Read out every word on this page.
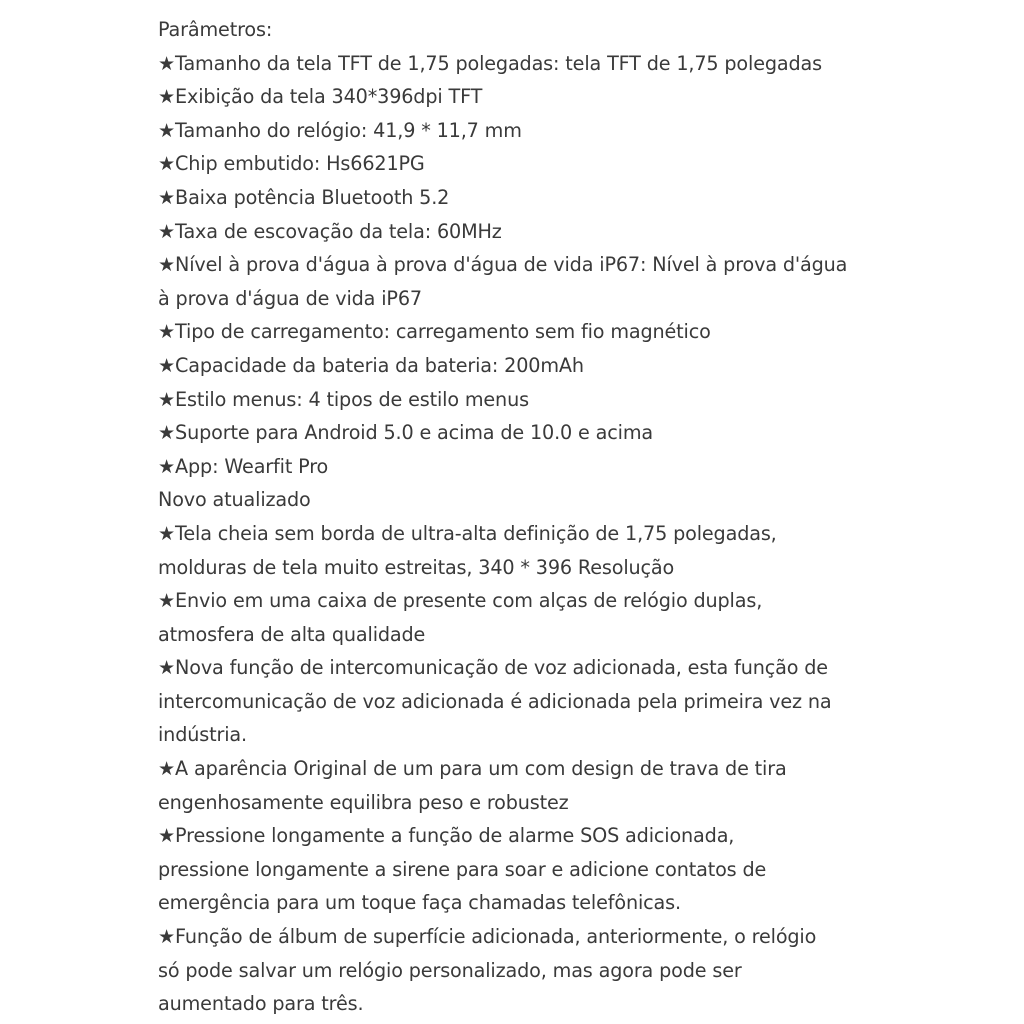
Parâmetros:

★Tamanho da tela TFT de 1,75 polegadas: tela TFT de 1,75 polegadas

★Exibição da tela 340*396dpi TFT

★Tamanho do relógio: 41,9 * 11,7 mm

★Chip embutido: Hs6621PG

★Baixa potência Bluetooth 5.2

★Taxa de escovação da tela: 60MHz

★Nível à prova d'água à prova d'água de vida iP67: Nível à prova d'água

à prova d'água de vida iP67

★Tipo de carregamento: carregamento sem fio magnético

★Capacidade da bateria da bateria: 200mAh

★Estilo menus: 4 tipos de estilo menus

★Suporte para Android 5.0 e acima de 10.0 e acima

★App: Wearfit Pro

Novo atualizado

★Tela cheia sem borda de ultra-alta definição de 1,75 polegadas,

molduras de tela muito estreitas, 340 * 396 Resolução

★Envio em uma caixa de presente com alças de relógio duplas,

atmosfera de alta qualidade

★Nova função de intercomunicação de voz adicionada, esta função de

intercomunicação de voz adicionada é adicionada pela primeira vez na

indústria.

★A aparência Original de um para um com design de trava de tira

engenhosamente equilibra peso e robustez

★Pressione longamente a função de alarme SOS adicionada,

pressione longamente a sirene para soar e adicione contatos de

emergência para um toque faça chamadas telefônicas.

★Função de álbum de superfície adicionada, anteriormente, o relógio

só pode salvar um relógio personalizado, mas agora pode ser

aumentado para três.
